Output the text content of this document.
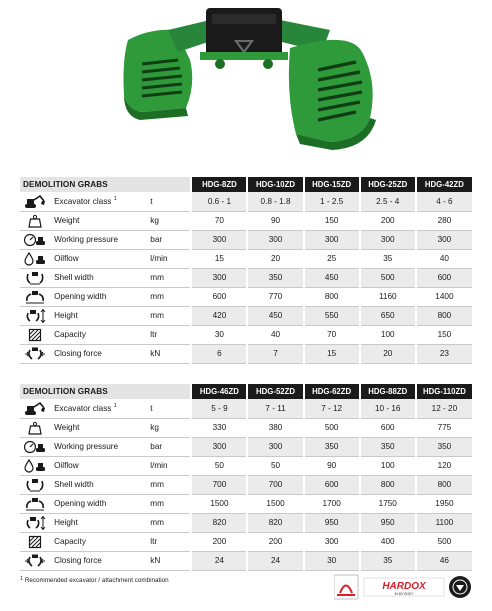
DEMOLITION GRABS			HDG-8ZD	HDG-10ZD	HDG-15ZD	HDG-25ZD	HDG-42ZD

	Excavator class $^1$	t	0.6 - 1	0.8 - 1.8	1 - 2.5	2.5 - 4	4 - 6

	Weight	kg	70	90	150	200	280

	Working pressure	bar	300	300	300	300	300

	Oilflow	l/min	15	20	25	35	40

	Shell width	mm	300	350	450	500	600

	Opening width	mm	600	770	800	1160	1400

	Height	mm	420	450	550	650	800

	Capacity	ltr	30	40	70	100	150

	Closing force	kN	6	7	15	20	23
DEMOLITION GRABS			HDG-46ZD	HDG-52ZD	HDG-62ZD	HDG-88ZD	HDG-110ZD

	Excavator class $^1$	t	5 - 9	7 - 11	7 - 12	10 - 16	12 - 20

	Weight	kg	330	380	500	600	775

	Working pressure	bar	300	300	350	350	350

	Oilflow	l/min	50	50	90	100	120

	Shell width	mm	700	700	600	800	800

	Opening width	mm	1500	1500	1700	1750	1950

	Height	mm	820	820	950	950	1100

	Capacity	ltr	200	200	300	400	500

	Closing force	kN	24	24	30	35	46
1 Recommended excavator / attachment combination
HARDOX
IN MY BODY
